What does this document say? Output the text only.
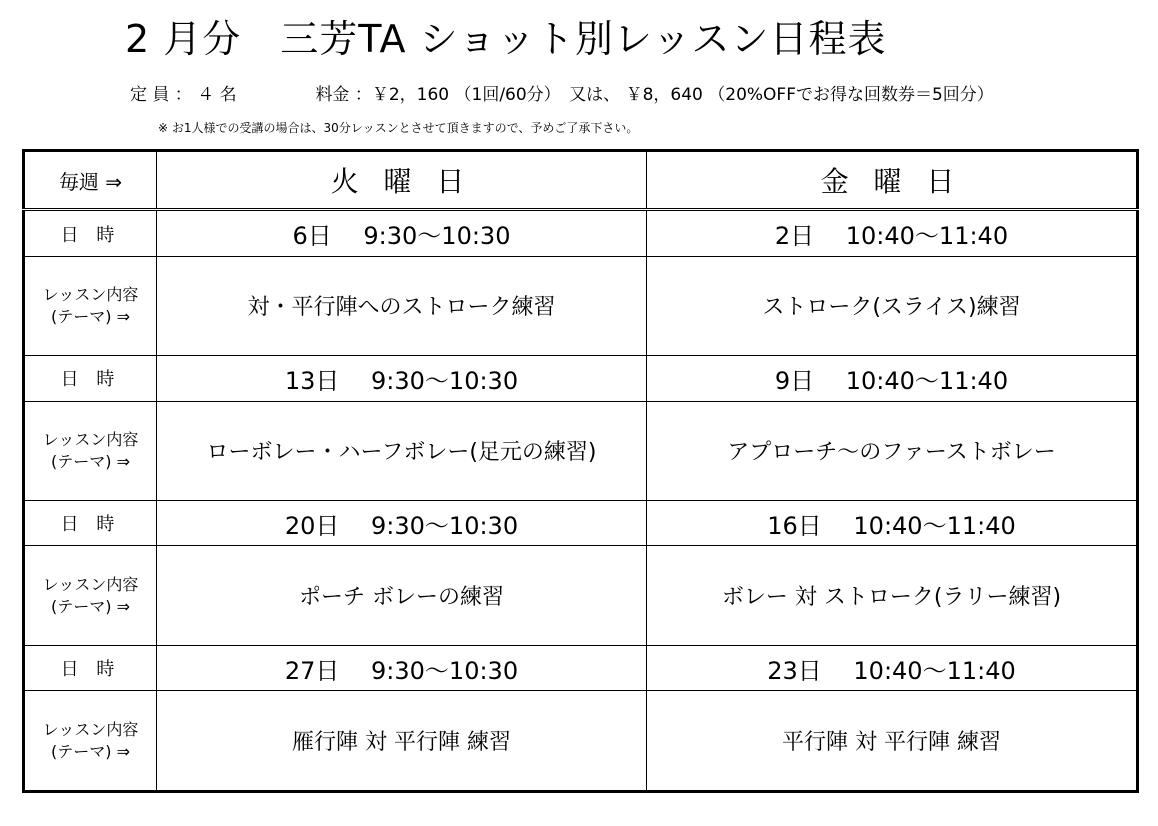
2 月分　三芳TA ショット別レッスン日程表
定 員 ： ４ 名	料金 ：￥2，160 （1回/60分）　又は、 ￥8，640 （20%OFFでお得な回数券＝5回分）
※ お1人様での受講の場合は、30分レッスンとさせて頂きますので、予めご了承下さい。
毎週 ⇒	火 曜 日	金 曜 日
日 時	6日　 9:30〜10:30	2日　 10:40〜11:40

レッスン内容
(テーマ) ⇒	対・平行陣へのストローク練習	ストローク(スライス)練習
日 時	13日　 9:30〜10:30	9日　 10:40〜11:40

レッスン内容
(テーマ) ⇒	ローボレー・ハーフボレー(足元の練習)	アプローチ〜のファーストボレー
日 時	20日　 9:30〜10:30	16日　 10:40〜11:40

レッスン内容
(テーマ) ⇒	ポーチ ボレーの練習	ボレー 対 ストローク(ラリー練習)
日 時	27日　 9:30〜10:30	23日　 10:40〜11:40

レッスン内容
(テーマ) ⇒	雁行陣 対 平行陣 練習	平行陣 対 平行陣 練習
